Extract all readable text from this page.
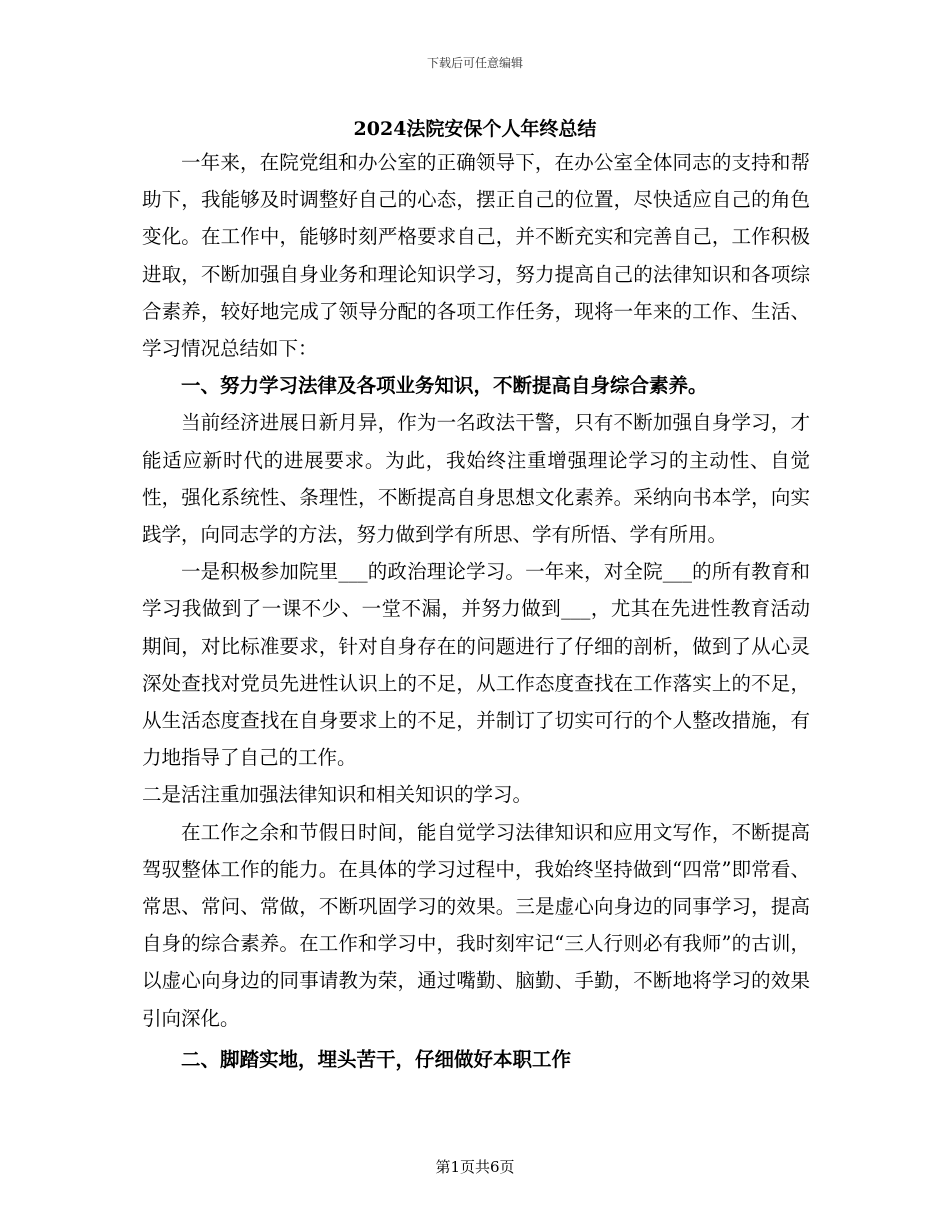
下载后可任意编辑
2024法院安保个人年终总结

一年来，在院党组和办公室的正确领导下，在办公室全体同志的支持和帮助下，我能够及时调整好自己的心态，摆正自己的位置，尽快适应自己的角色变化。在工作中，能够时刻严格要求自己，并不断充实和完善自己，工作积极进取，不断加强自身业务和理论知识学习，努力提高自己的法律知识和各项综合素养，较好地完成了领导分配的各项工作任务，现将一年来的工作、生活、学习情况总结如下：

一、努力学习法律及各项业务知识，不断提高自身综合素养。

当前经济进展日新月异，作为一名政法干警，只有不断加强自身学习，才能适应新时代的进展要求。为此，我始终注重增强理论学习的主动性、自觉性，强化系统性、条理性，不断提高自身思想文化素养。采纳向书本学，向实践学，向同志学的方法，努力做到学有所思、学有所悟、学有所用。

一是积极参加院里___的政治理论学习。一年来，对全院___的所有教育和学习我做到了一课不少、一堂不漏，并努力做到___，尤其在先进性教育活动期间，对比标准要求，针对自身存在的问题进行了仔细的剖析，做到了从心灵深处查找对党员先进性认识上的不足，从工作态度查找在工作落实上的不足，从生活态度查找在自身要求上的不足，并制订了切实可行的个人整改措施，有力地指导了自己的工作。

二是活注重加强法律知识和相关知识的学习。

在工作之余和节假日时间，能自觉学习法律知识和应用文写作，不断提高驾驭整体工作的能力。在具体的学习过程中，我始终坚持做到“四常”即常看、常思、常问、常做，不断巩固学习的效果。三是虚心向身边的同事学习，提高自身的综合素养。在工作和学习中，我时刻牢记“三人行则必有我师”的古训，以虚心向身边的同事请教为荣，通过嘴勤、脑勤、手勤，不断地将学习的效果引向深化。

二、脚踏实地，埋头苦干，仔细做好本职工作

第1页共6页
